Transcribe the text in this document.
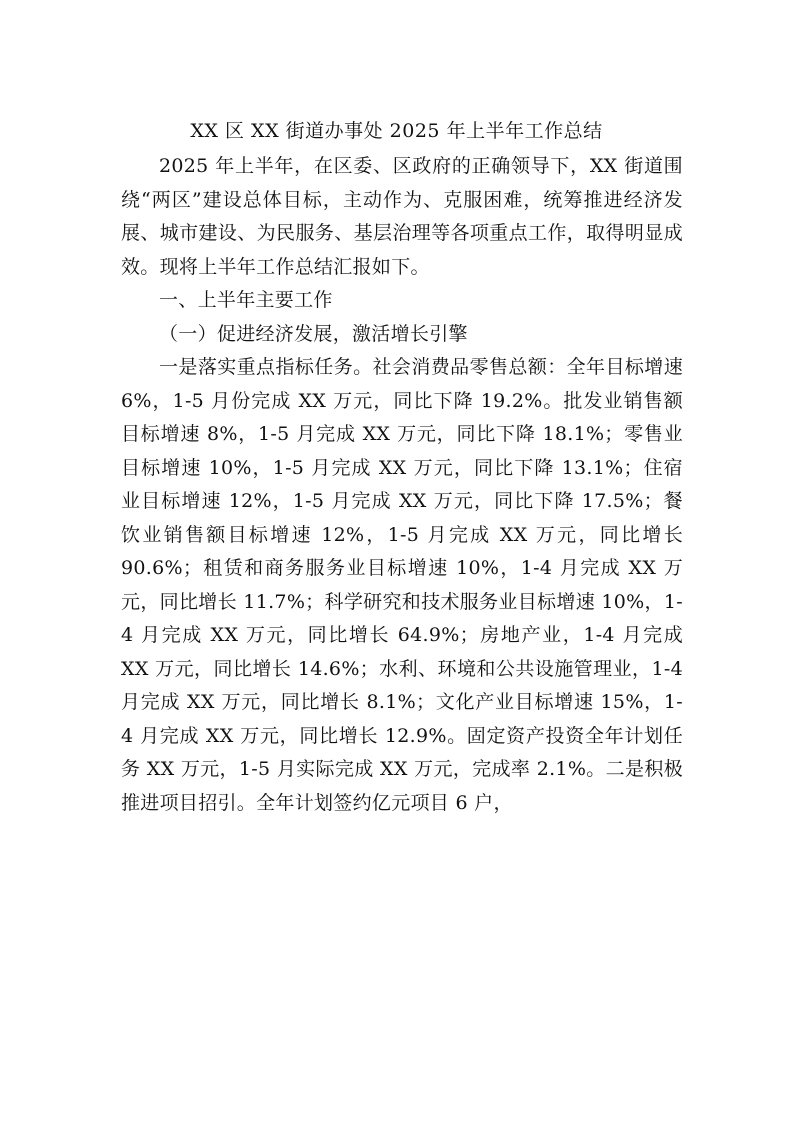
XX 区 XX 街道办事处 2025 年上半年工作总结

2025 年上半年，在区委、区政府的正确领导下，XX 街道围绕“两区”建设总体目标，主动作为、克服困难，统筹推进经济发展、城市建设、为民服务、基层治理等各项重点工作，取得明显成效。现将上半年工作总结汇报如下。

一、上半年主要工作

（一）促进经济发展，激活增长引擎

一是落实重点指标任务。社会消费品零售总额：全年目标增速 6%，1-5 月份完成 XX 万元，同比下降 19.2%。批发业销售额目标增速 8%，1-5 月完成 XX 万元，同比下降 18.1%；零售业目标增速 10%，1-5 月完成 XX 万元，同比下降 13.1%；住宿业目标增速 12%，1-5 月完成 XX 万元，同比下降 17.5%；餐饮业销售额目标增速 12%，1-5 月完成 XX 万元，同比增长 90.6%；租赁和商务服务业目标增速 10%，1-4 月完成 XX 万元，同比增长 11.7%；科学研究和技术服务业目标增速 10%，1-4 月完成 XX 万元，同比增长 64.9%；房地产业，1-4 月完成 XX 万元，同比增长 14.6%；水利、环境和公共设施管理业，1-4 月完成 XX 万元，同比增长 8.1%；文化产业目标增速 15%，1-4 月完成 XX 万元，同比增长 12.9%。固定资产投资全年计划任务 XX 万元，1-5 月实际完成 XX 万元，完成率 2.1%。二是积极推进项目招引。全年计划签约亿元项目 6 户，
